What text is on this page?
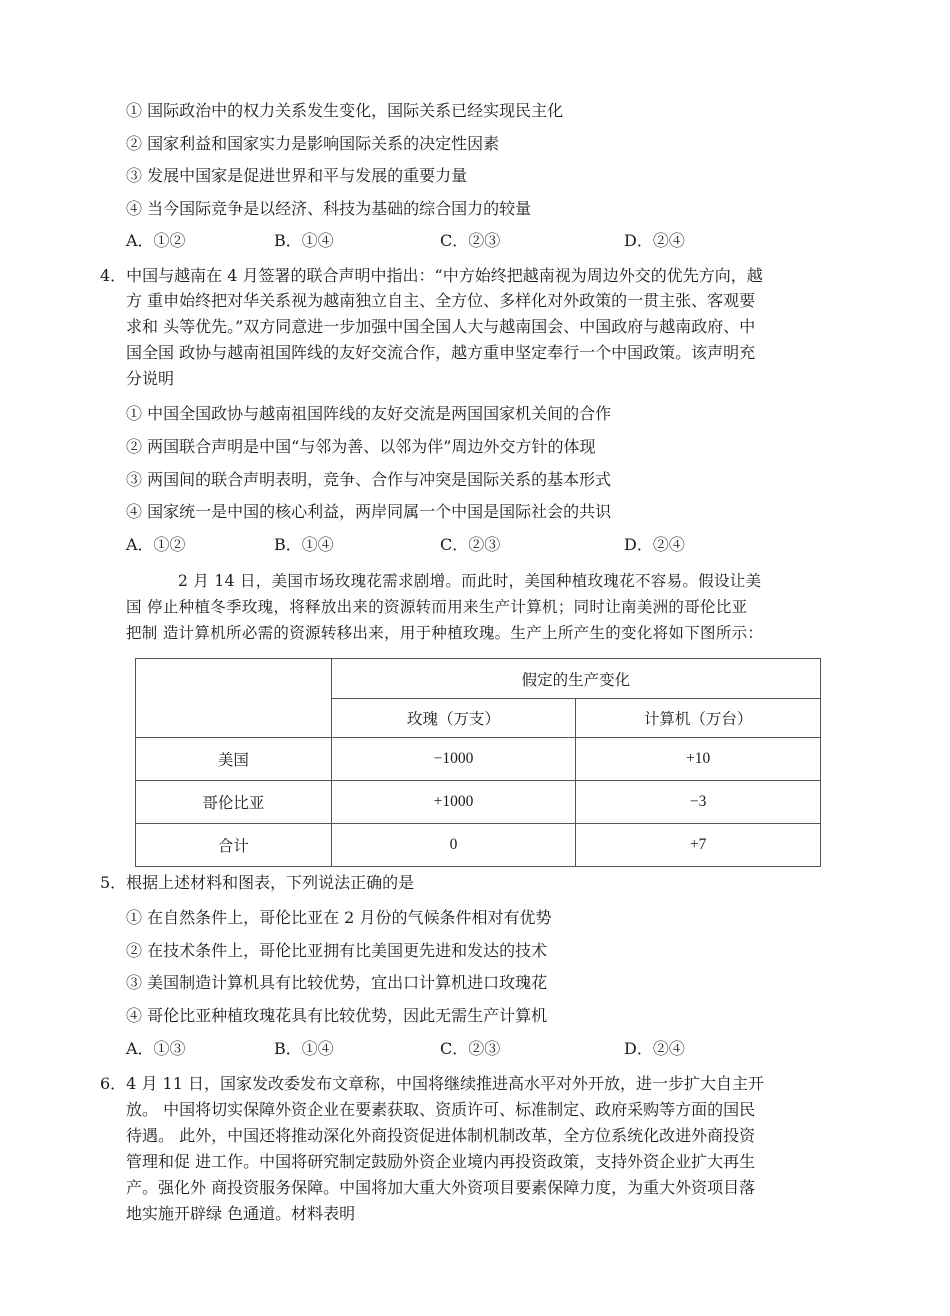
① 国际政治中的权力关系发生变化，国际关系已经实现民主化
② 国家利益和国家实力是影响国际关系的决定性因素
③ 发展中国家是促进世界和平与发展的重要力量
④ 当今国际竞争是以经济、科技为基础的综合国力的较量
A．①②	B．①④	C．②③	D．②④
4．中国与越南在 4 月签署的联合声明中指出：“中方始终把越南视为周边外交的优先方向，越
方 重申始终把对华关系视为越南独立自主、全方位、多样化对外政策的一贯主张、客观要
求和 头等优先。”双方同意进一步加强中国全国人大与越南国会、中国政府与越南政府、中
国全国 政协与越南祖国阵线的友好交流合作，越方重申坚定奉行一个中国政策。该声明充
分说明
① 中国全国政协与越南祖国阵线的友好交流是两国国家机关间的合作
② 两国联合声明是中国“与邻为善、以邻为伴”周边外交方针的体现
③ 两国间的联合声明表明，竞争、合作与冲突是国际关系的基本形式
④ 国家统一是中国的核心利益，两岸同属一个中国是国际社会的共识
A．①②	B．①④	C．②③	D．②④
2 月 14 日，美国市场玫瑰花需求剧增。而此时，美国种植玫瑰花不容易。假设让美
国 停止种植冬季玫瑰，将释放出来的资源转而用来生产计算机；同时让南美洲的哥伦比亚
把制 造计算机所必需的资源转移出来，用于种植玫瑰。生产上所产生的变化将如下图所示：
	假定的生产变化	
	玫瑰（万支）	计算机（万台）
美国	−1000	+10
哥伦比亚	+1000	−3
合计	0	+7
5．根据上述材料和图表，下列说法正确的是
① 在自然条件上，哥伦比亚在 2 月份的气候条件相对有优势
② 在技术条件上，哥伦比亚拥有比美国更先进和发达的技术
③ 美国制造计算机具有比较优势，宜出口计算机进口玫瑰花
④ 哥伦比亚种植玫瑰花具有比较优势，因此无需生产计算机
A．①③	B．①④	C．②③	D．②④
6．4 月 11 日，国家发改委发布文章称，中国将继续推进高水平对外开放，进一步扩大自主开
放。 中国将切实保障外资企业在要素获取、资质许可、标准制定、政府采购等方面的国民
待遇。 此外，中国还将推动深化外商投资促进体制机制改革，全方位系统化改进外商投资
管理和促 进工作。中国将研究制定鼓励外资企业境内再投资政策，支持外资企业扩大再生
产。强化外 商投资服务保障。中国将加大重大外资项目要素保障力度，为重大外资项目落
地实施开辟绿 色通道。材料表明
